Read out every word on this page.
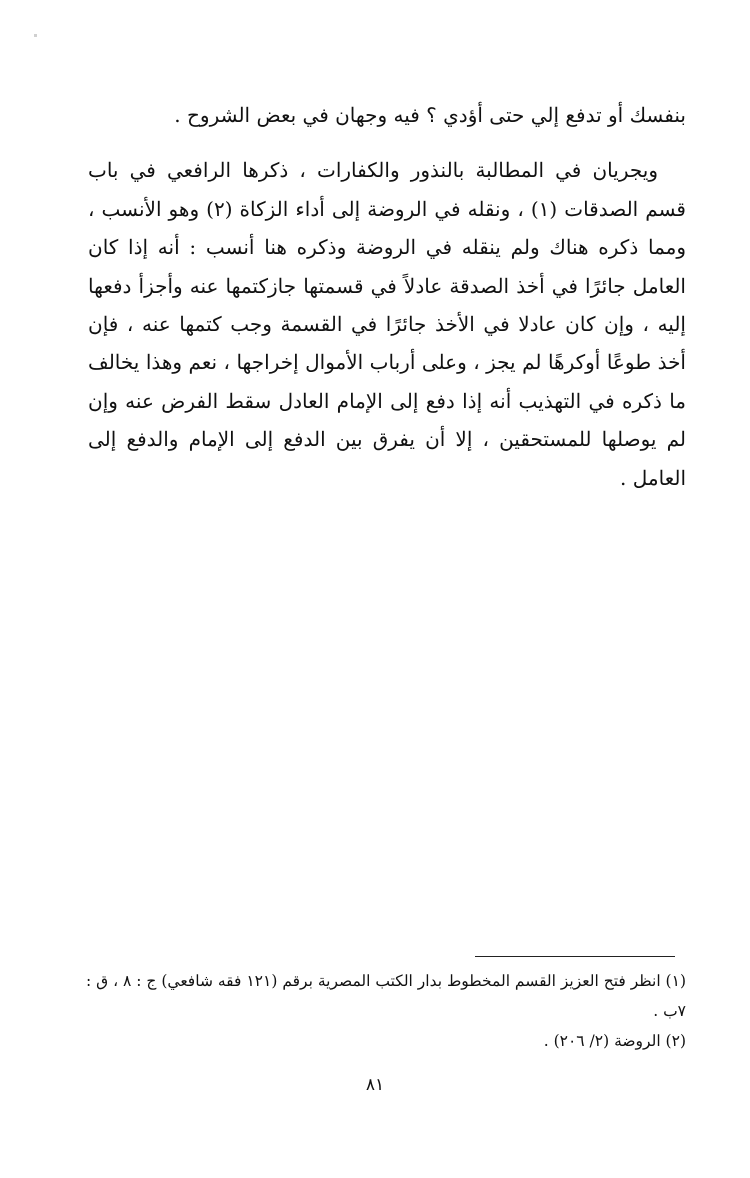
بنفسك أو تدفع إلي حتى أؤدي ؟ فيه وجهان في بعض الشروح .

ويجريان في المطالبة بالنذور والكفارات ، ذكرها الرافعي في باب قسم الصدقات (١) ، ونقله في الروضة إلى أداء الزكاة (٢) وهو الأنسب ، ومما ذكره هناك ولم ينقله في الروضة وذكره هنا أنسب : أنه إذا كان العامل جائرًا في أخذ الصدقة عادلاً في قسمتها جازكتمها عنه وأجزأ دفعها إليه ، وإن كان عادلا في الأخذ جائرًا في القسمة وجب كتمها عنه ، فإن أخذ طوعًا أوكرهًا لم يجز ، وعلى أرباب الأموال إخراجها ، نعم وهذا يخالف ما ذكره في التهذيب أنه إذا دفع إلى الإمام العادل سقط الفرض عنه وإن لم يوصلها للمستحقين ، إلا أن يفرق بين الدفع إلى الإمام والدفع إلى العامل .

(١) انظر فتح العزيز القسم المخطوط بدار الكتب المصرية برقم (١٢١ فقه شافعي) ج : ٨ ، ق : ٧ب .
(٢) الروضة (٢/ ٢٠٦) .
٨١
